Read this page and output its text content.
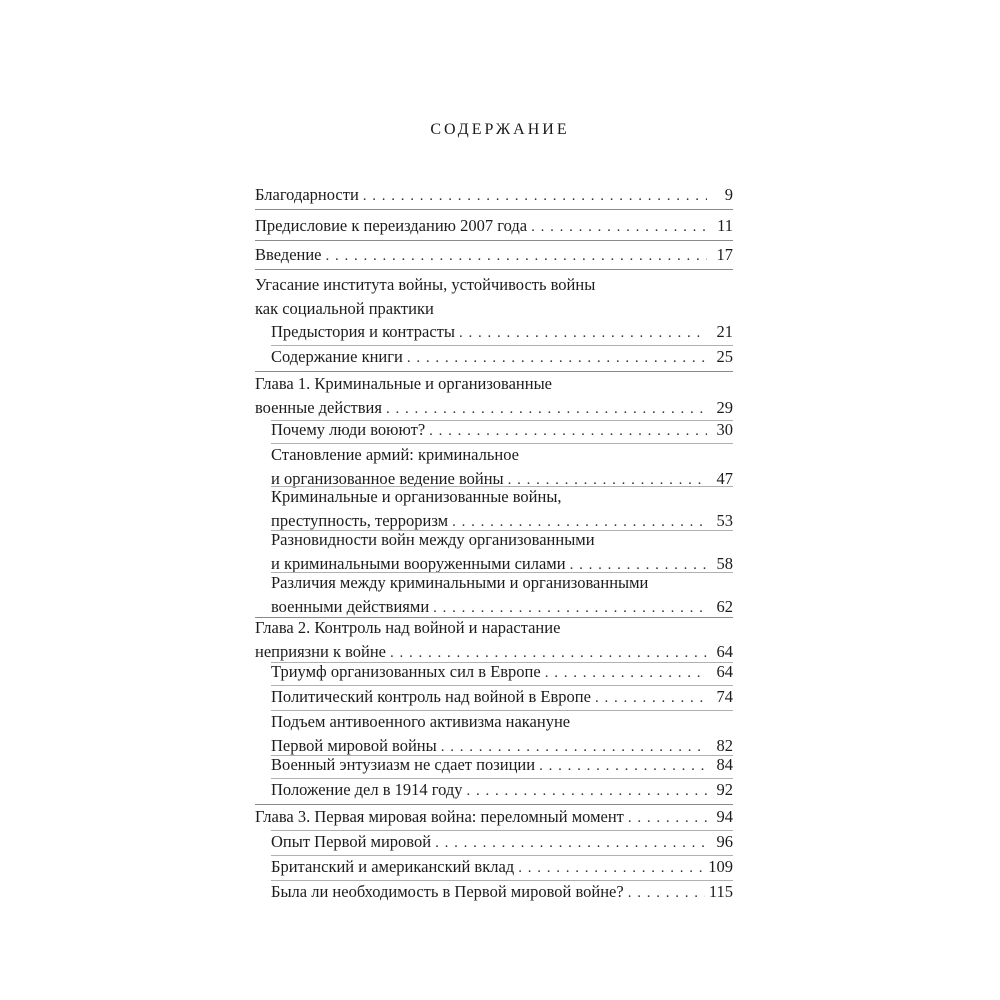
содержание
Благодарности . . .	9
Предисловие к переизданию 2007 года . . .	11
Введение . . .	17
Угасание института войны, устойчивость войны
как социальной практики
Предыстория и контрасты . . .	21
Содержание книги . . .	25
Глава 1. Криминальные и организованные
военные действия . . .	29
Почему люди воюют? . . .	30
Становление армий: криминальное
и организованное ведение войны . . .	47
Криминальные и организованные войны,
преступность, терроризм . . .	53
Разновидности войн между организованными
и криминальными вооруженными силами . . .	58
Различия между криминальными и организованными
военными действиями . . .	62
Глава 2. Контроль над войной и нарастание
неприязни к войне . . .	64
Триумф организованных сил в Европе . . .	64
Политический контроль над войной в Европе . . .	74
Подъем антивоенного активизма накануне
Первой мировой войны . . .	82
Военный энтузиазм не сдает позиции . . .	84
Положение дел в 1914 году . . .	92
Глава 3. Первая мировая война: переломный момент . . .	94
Опыт Первой мировой . . .	96
Британский и американский вклад . . .	109
Была ли необходимость в Первой мировой войне? . . .	115
